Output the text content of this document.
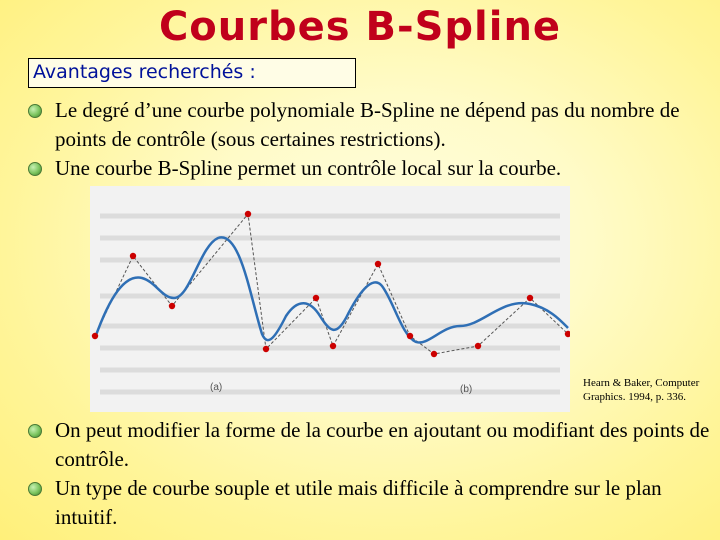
Courbes B-Spline
Avantages recherchés :
Le degré d’une courbe polynomiale B-Spline ne dépend pas du nombre de points de contrôle (sous certaines restrictions).
Une courbe B-Spline permet un contrôle local sur la courbe.
(a)	(b)
Hearn & Baker, Computer
Graphics. 1994, p. 336.
On peut modifier la forme de la courbe en ajoutant ou modifiant des points de contrôle.
Un type de courbe souple et utile mais difficile à comprendre sur le plan intuitif.
